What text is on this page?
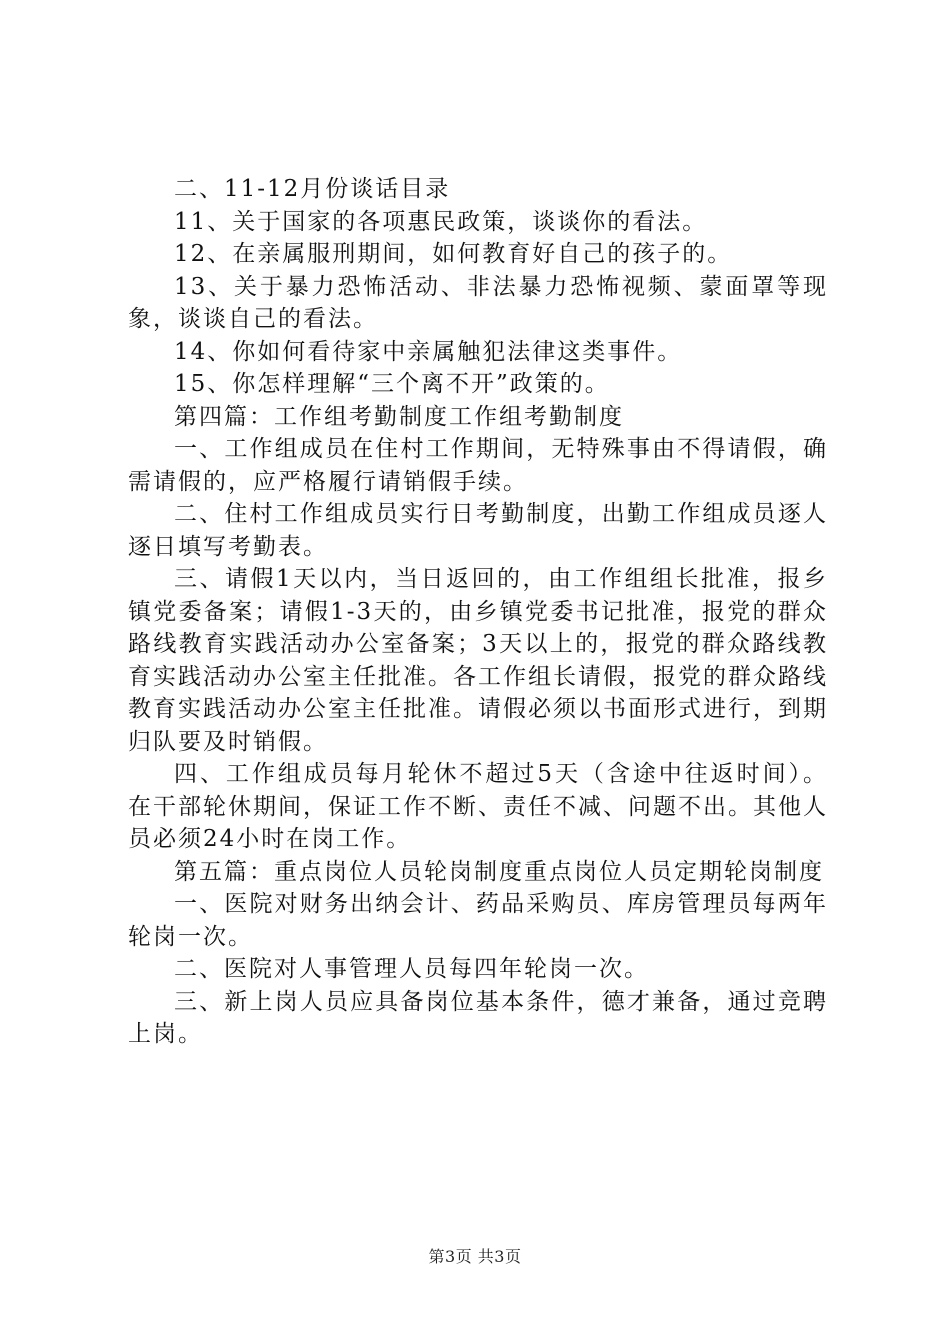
二、11-12月份谈话目录

11、关于国家的各项惠民政策，谈谈你的看法。

12、在亲属服刑期间，如何教育好自己的孩子的。

13、关于暴力恐怖活动、非法暴力恐怖视频、蒙面罩等现象，谈谈自己的看法。

14、你如何看待家中亲属触犯法律这类事件。

15、你怎样理解“三个离不开”政策的。

第四篇：工作组考勤制度工作组考勤制度

一、工作组成员在住村工作期间，无特殊事由不得请假，确需请假的，应严格履行请销假手续。

二、住村工作组成员实行日考勤制度，出勤工作组成员逐人逐日填写考勤表。

三、请假1天以内，当日返回的，由工作组组长批准，报乡镇党委备案；请假1-3天的，由乡镇党委书记批准，报党的群众路线教育实践活动办公室备案；3天以上的，报党的群众路线教育实践活动办公室主任批准。各工作组长请假，报党的群众路线教育实践活动办公室主任批准。请假必须以书面形式进行，到期归队要及时销假。

四、工作组成员每月轮休不超过5天（含途中往返时间）。在干部轮休期间，保证工作不断、责任不减、问题不出。其他人员必须24小时在岗工作。

第五篇：重点岗位人员轮岗制度重点岗位人员定期轮岗制度

一、医院对财务出纳会计、药品采购员、库房管理员每两年轮岗一次。

二、医院对人事管理人员每四年轮岗一次。

三、新上岗人员应具备岗位基本条件，德才兼备，通过竞聘上岗。

第3页 共3页
